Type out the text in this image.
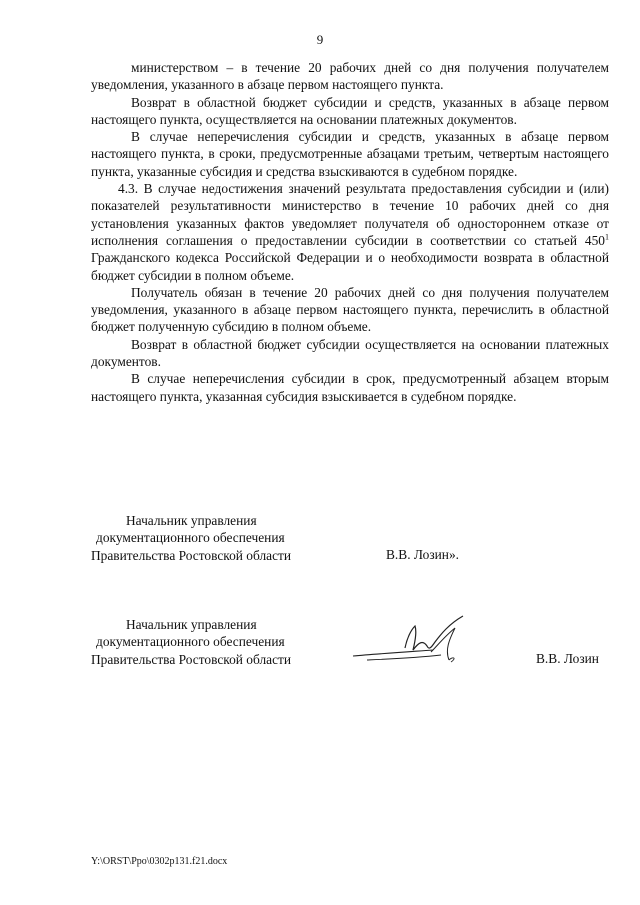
9

министерством – в течение 20 рабочих дней со дня получения получателем уведомления, указанного в абзаце первом настоящего пункта.

Возврат в областной бюджет субсидии и средств, указанных в абзаце первом настоящего пункта, осуществляется на основании платежных документов.

В случае неперечисления субсидии и средств, указанных в абзаце первом настоящего пункта, в сроки, предусмотренные абзацами третьим, четвертым настоящего пункта, указанные субсидия и средства взыскиваются в судебном порядке.

4.3. В случае недостижения значений результата предоставления субсидии и (или) показателей результативности министерство в течение 10 рабочих дней со дня установления указанных фактов уведомляет получателя об одностороннем отказе от исполнения соглашения о предоставлении субсидии в соответствии со статьей $450^1$ Гражданского кодекса Российской Федерации и о необходимости возврата в областной бюджет субсидии в полном объеме.

Получатель обязан в течение 20 рабочих дней со дня получения получателем уведомления, указанного в абзаце первом настоящего пункта, перечислить в областной бюджет полученную субсидию в полном объеме.

Возврат в областной бюджет субсидии осуществляется на основании платежных документов.

В случае неперечисления субсидии в срок, предусмотренный абзацем вторым настоящего пункта, указанная субсидия взыскивается в судебном порядке.

Начальник управления
документационного обеспечения
Правительства Ростовской области	В.В. Лозин».
Начальник управления
документационного обеспечения
Правительства Ростовской области	В.В. Лозин
Y:\ORST\Ppo\0302p131.f21.docx
